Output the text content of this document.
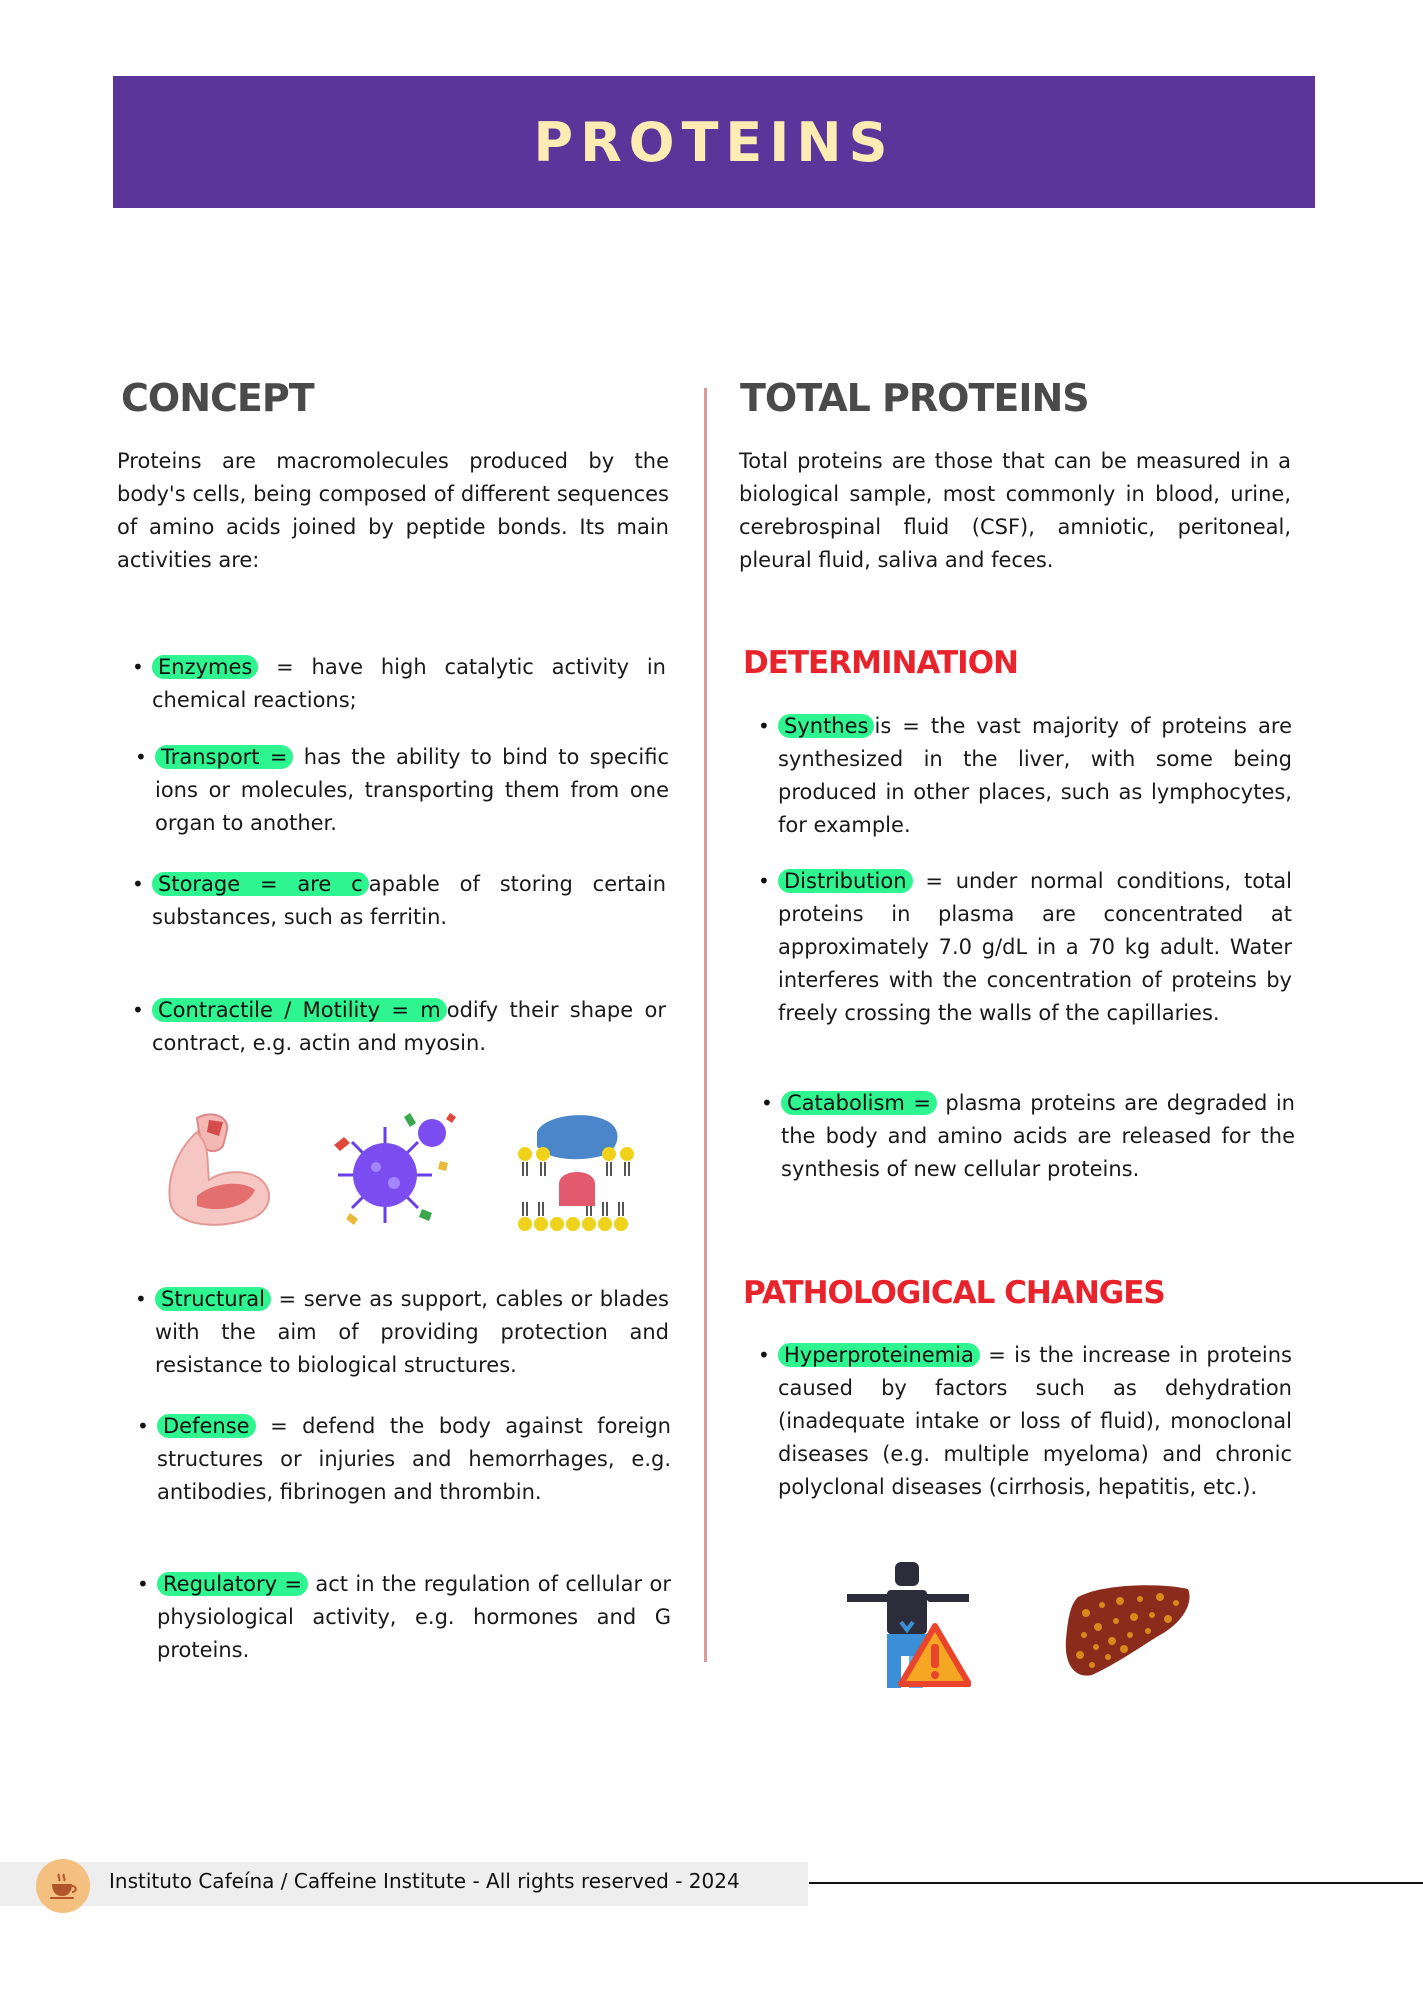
PROTEINS
CONCEPT
Proteins are macromolecules produced by the body's cells, being composed of different sequences of amino acids joined by peptide bonds. Its main activities are:
• Enzymes = have high catalytic activity in chemical reactions;
• Transport = has the ability to bind to specific ions or molecules, transporting them from one organ to another.
• Storage = are c apable of storing certain substances, such as ferritin.
• Contractile / Motility = m odify their shape or contract, e.g. actin and myosin.
• Structural = serve as support, cables or blades with the aim of providing protection and resistance to biological structures.
• Defense = defend the body against foreign structures or injuries and hemorrhages, e.g. antibodies, fibrinogen and thrombin.
• Regulatory = act in the regulation of cellular or physiological activity, e.g. hormones and G proteins.
TOTAL PROTEINS
Total proteins are those that can be measured in a biological sample, most commonly in blood, urine, cerebrospinal fluid (CSF), amniotic, peritoneal, pleural fluid, saliva and feces.
DETERMINATION
• Synthes is = the vast majority of proteins are synthesized in the liver, with some being produced in other places, such as lymphocytes, for example.
• Distribution = under normal conditions, total proteins in plasma are concentrated at approximately 7.0 g/dL in a 70 kg adult. Water interferes with the concentration of proteins by freely crossing the walls of the capillaries.
• Catabolism = plasma proteins are degraded in the body and amino acids are released for the synthesis of new cellular proteins.
PATHOLOGICAL CHANGES
• Hyperproteinemia = is the increase in proteins caused by factors such as dehydration (inadequate intake or loss of fluid), monoclonal diseases (e.g. multiple myeloma) and chronic polyclonal diseases (cirrhosis, hepatitis, etc.).
Instituto Cafeína / Caffeine Institute - All rights reserved - 2024
